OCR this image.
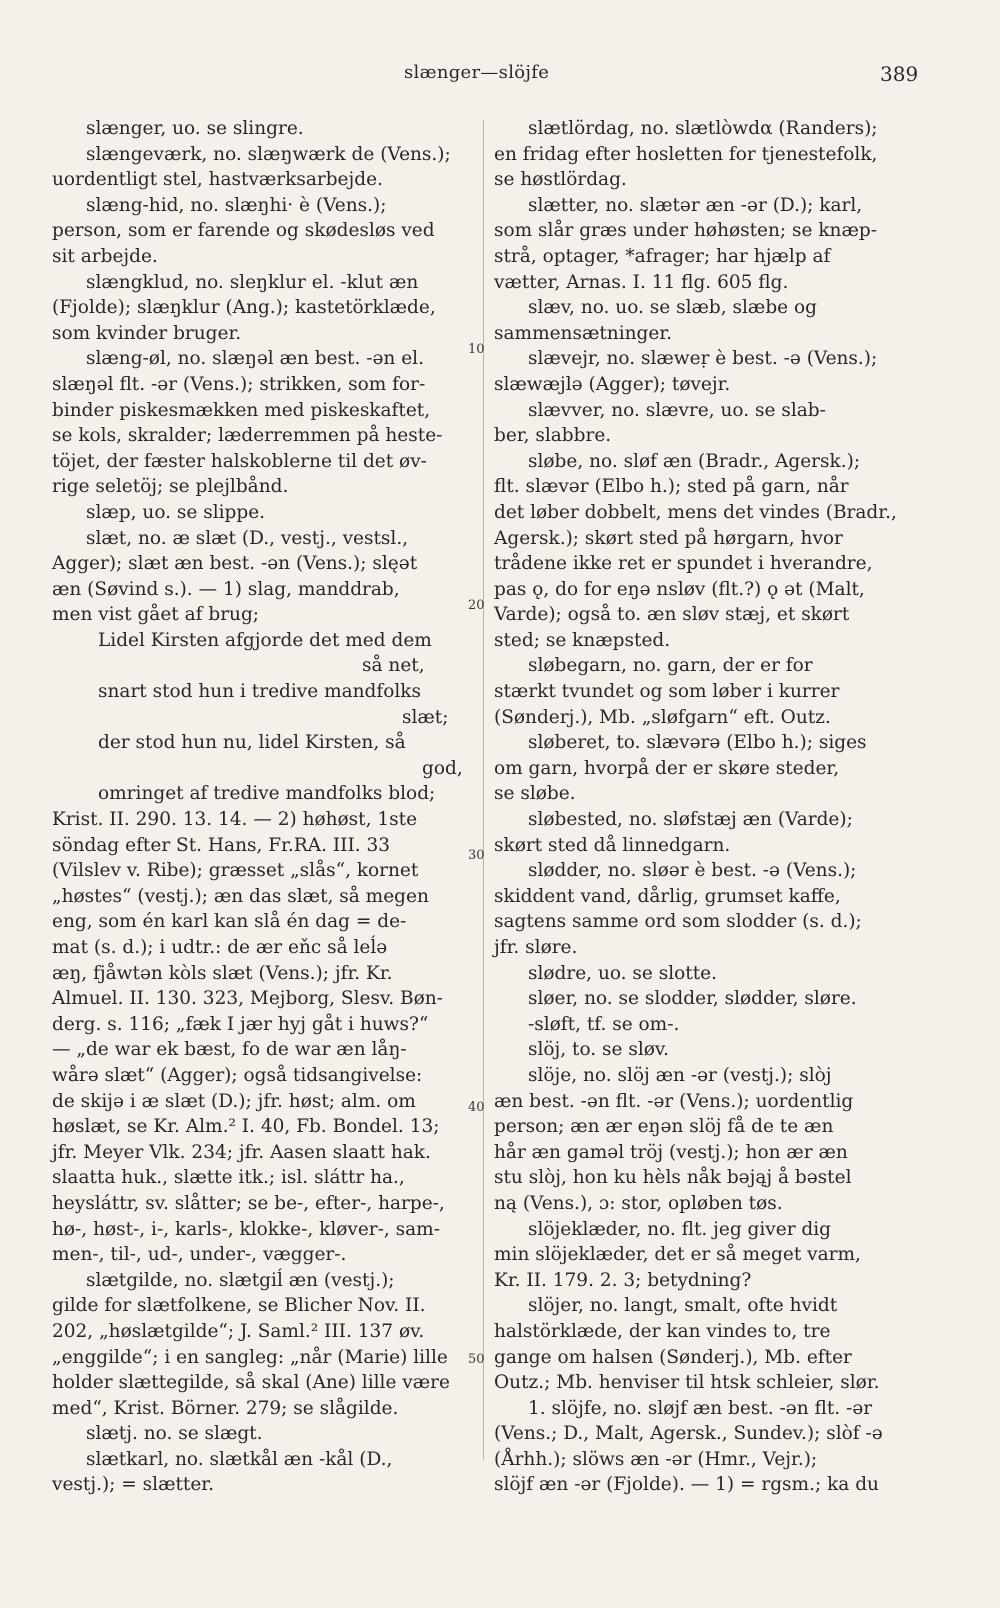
slænger—slöjfe	389
slænger, uo. se slingre.
slængeværk, no. slæŋwærk de (Vens.);
uordentligt stel, hastværksarbejde.
slæng-hid, no. slæŋhi· è (Vens.);
person, som er farende og skødesløs ved
sit arbejde.
slængklud, no. sleŋklur el. -klut æn
(Fjolde); slæŋklur (Ang.); kastetörklæde,
som kvinder bruger.
slæng-øl, no. slæŋəl æn best. -ən el.
slæŋəl flt. -ər (Vens.); strikken, som for-
binder piskesmækken med piskeskaftet,
se kols, skralder; læderremmen på heste-
töjet, der fæster halskoblerne til det øv-
rige seletöj; se plejlbånd.
slæp, uo. se slippe.
slæt, no. æ slæt (D., vestj., vestsl.,
Agger); slæt æn best. -ən (Vens.); slęət
æn (Søvind s.). — 1) slag, manddrab,
men vist gået af brug;
Lidel Kirsten afgjorde det med dem
så net,
snart stod hun i tredive mandfolks
slæt;
der stod hun nu, lidel Kirsten, så
god,
omringet af tredive mandfolks blod;
Krist. II. 290. 13. 14. — 2) høhøst, 1ste
söndag efter St. Hans, Fr.RA. III. 33
(Vilslev v. Ribe); græsset „slås“, kornet
„høstes“ (vestj.); æn das slæt, så megen
eng, som én karl kan slå én dag = de-
mat (s. d.); i udtr.: de ær eňc så leĺə
æŋ, fjåwtən kòls slæt (Vens.); jfr. Kr.
Almuel. II. 130. 323, Mejborg, Slesv. Bøn-
derg. s. 116; „fæk I jær hyj gåt i huws?“
— „de war ek bæst, fo de war æn låŋ-
wårə slæt“ (Agger); også tidsangivelse:
de skijə i æ slæt (D.); jfr. høst; alm. om
høslæt, se Kr. Alm.² I. 40, Fb. Bondel. 13;
jfr. Meyer Vlk. 234; jfr. Aasen slaatt hak.
slaatta huk., slætte itk.; isl. sláttr ha.,
heysláttr, sv. slåtter; se be-, efter-, harpe-,
hø-, høst-, i-, karls-, klokke-, kløver-, sam-
men-, til-, ud-, under-, vægger-.
slætgilde, no. slætgiĺ æn (vestj.);
gilde for slætfolkene, se Blicher Nov. II.
202, „høslætgilde“; J. Saml.² III. 137 øv.
„enggilde“; i en sangleg: „når (Marie) lille
holder slættegilde, så skal (Ane) lille være
med“, Krist. Börner. 279; se slågilde.
slætj. no. se slægt.
slætkarl, no. slætkål æn -kål (D.,
vestj.); = slætter.
slætlördag, no. slætlòwdα (Randers);
en fridag efter hosletten for tjenestefolk,
se høstlördag.
slætter, no. slætər æn -ər (D.); karl,
som slår græs under høhøsten; se knæp-
strå, optager, *afrager; har hjælp af
vætter, Arnas. I. 11 flg. 605 flg.
slæv, no. uo. se slæb, slæbe og
sammensætninger.
slævejr, no. slæweṛ è best. -ə (Vens.);
slæwæjlə (Agger); tøvejr.
slævver, no. slævre, uo. se slab-
ber, slabbre.
sløbe, no. sløf æn (Bradr., Agersk.);
flt. slævər (Elbo h.); sted på garn, når
det løber dobbelt, mens det vindes (Bradr.,
Agersk.); skørt sted på hørgarn, hvor
trådene ikke ret er spundet i hverandre,
pas ǫ, do for eŋə nsløv (flt.?) ǫ ət (Malt,
Varde); også to. æn sløv stæj, et skørt
sted; se knæpsted.
sløbegarn, no. garn, der er for
stærkt tvundet og som løber i kurrer
(Sønderj.), Mb. „sløfgarn“ eft. Outz.
sløberet, to. slævərə (Elbo h.); siges
om garn, hvorpå der er skøre steder,
se sløbe.
sløbested, no. sløfstæj æn (Varde);
skørt sted då linnedgarn.
slødder, no. sløər è best. -ə (Vens.);
skiddent vand, dårlig, grumset kaffe,
sagtens samme ord som slodder (s. d.);
jfr. sløre.
slødre, uo. se slotte.
sløer, no. se slodder, slødder, sløre.
-sløft, tf. se om-.
slöj, to. se sløv.
slöje, no. slöj æn -ər (vestj.); slòj
æn best. -ən flt. -ər (Vens.); uordentlig
person; æn ær eŋən slöj få de te æn
hår æn gaməl tröj (vestj.); hon ær æn
stu slòj, hon ku hèls nåk bəjąj å bəstel
ną (Vens.), ɔ: stor, opløben tøs.
slöjeklæder, no. flt. jeg giver dig
min slöjeklæder, det er så meget varm,
Kr. II. 179. 2. 3; betydning?
slöjer, no. langt, smalt, ofte hvidt
halstörklæde, der kan vindes to, tre
gange om halsen (Sønderj.), Mb. efter
Outz.; Mb. henviser til htsk schleier, slør.
1. slöjfe, no. sløjf æn best. -ən flt. -ər
(Vens.; D., Malt, Agersk., Sundev.); slòf -ə
(Århh.); slöws æn -ər (Hmr., Vejr.);
slöjf æn -ər (Fjolde). — 1) = rgsm.; ka du
10
20
30
40
50
